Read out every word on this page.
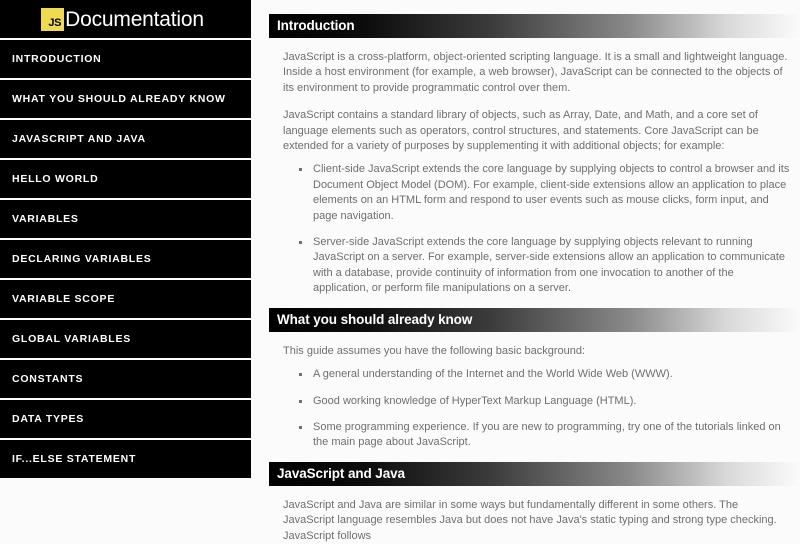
JS Documentation
INTRODUCTION
WHAT YOU SHOULD ALREADY KNOW
JAVASCRIPT AND JAVA
HELLO WORLD
VARIABLES
DECLARING VARIABLES
VARIABLE SCOPE
GLOBAL VARIABLES
CONSTANTS
DATA TYPES
IF...ELSE STATEMENT
Introduction

JavaScript is a cross-platform, object-oriented scripting language. It is a small and lightweight language. Inside a host environment (for example, a web browser), JavaScript can be connected to the objects of its environment to provide programmatic control over them.

JavaScript contains a standard library of objects, such as Array, Date, and Math, and a core set of language elements such as operators, control structures, and statements. Core JavaScript can be extended for a variety of purposes by supplementing it with additional objects; for example:

Client-side JavaScript extends the core language by supplying objects to control a browser and its Document Object Model (DOM). For example, client-side extensions allow an application to place elements on an HTML form and respond to user events such as mouse clicks, form input, and page navigation.
Server-side JavaScript extends the core language by supplying objects relevant to running JavaScript on a server. For example, server-side extensions allow an application to communicate with a database, provide continuity of information from one invocation to another of the application, or perform file manipulations on a server.
What you should already know

This guide assumes you have the following basic background:

A general understanding of the Internet and the World Wide Web (WWW).
Good working knowledge of HyperText Markup Language (HTML).
Some programming experience. If you are new to programming, try one of the tutorials linked on the main page about JavaScript.
JavaScript and Java

JavaScript and Java are similar in some ways but fundamentally different in some others. The JavaScript language resembles Java but does not have Java's static typing and strong type checking. JavaScript follows
